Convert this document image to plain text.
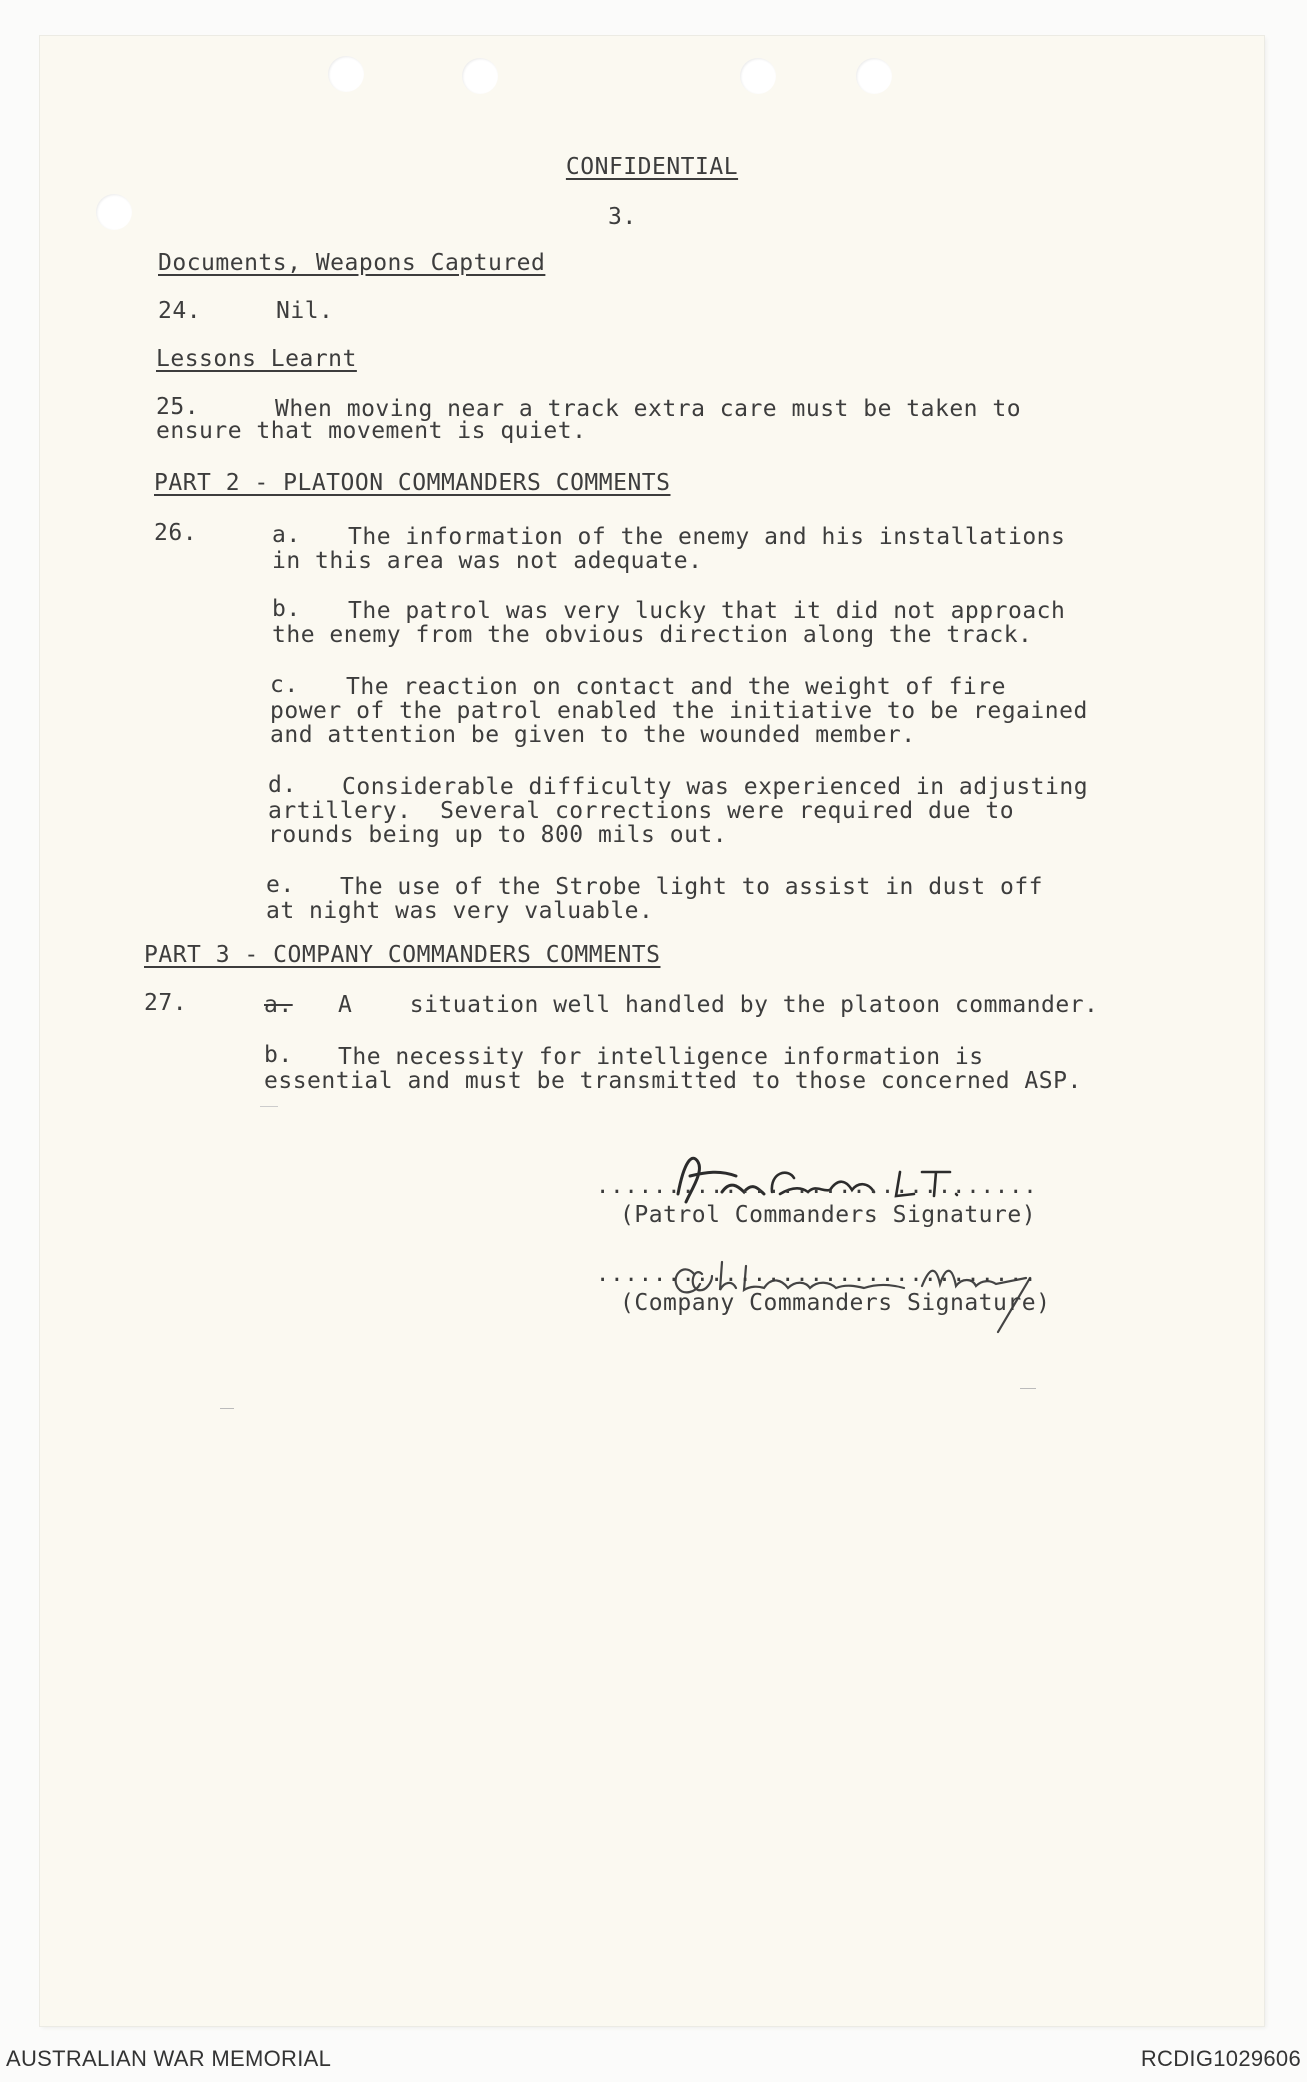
CONFIDENTIAL
3.
Documents, Weapons Captured
24.	Nil.
Lessons Learnt
25.	When moving near a track extra care must be taken to
ensure that movement is quiet.
PART 2 - PLATOON COMMANDERS COMMENTS
26.	a. The information of the enemy and his installations
in this area was not adequate.
b. The patrol was very lucky that it did not approach
the enemy from the obvious direction along the track.
c. The reaction on contact and the weight of fire
power of the patrol enabled the initiative to be regained
and attention be given to the wounded member.
d. Considerable difficulty was experienced in adjusting
artillery.  Several corrections were required due to
rounds being up to 800 mils out.
e. The use of the Strobe light to assist in dust off
at night was very valuable.
PART 3 - COMPANY COMMANDERS COMMENTS
27.	a. A    situation well handled by the platoon commander.
b. The necessity for intelligence information is
essential and must be transmitted to those concerned ASP.
...............................
(Patrol Commanders Signature)
...............................
(Company Commanders Signature)
AUSTRALIAN WAR MEMORIAL	RCDIG1029606
